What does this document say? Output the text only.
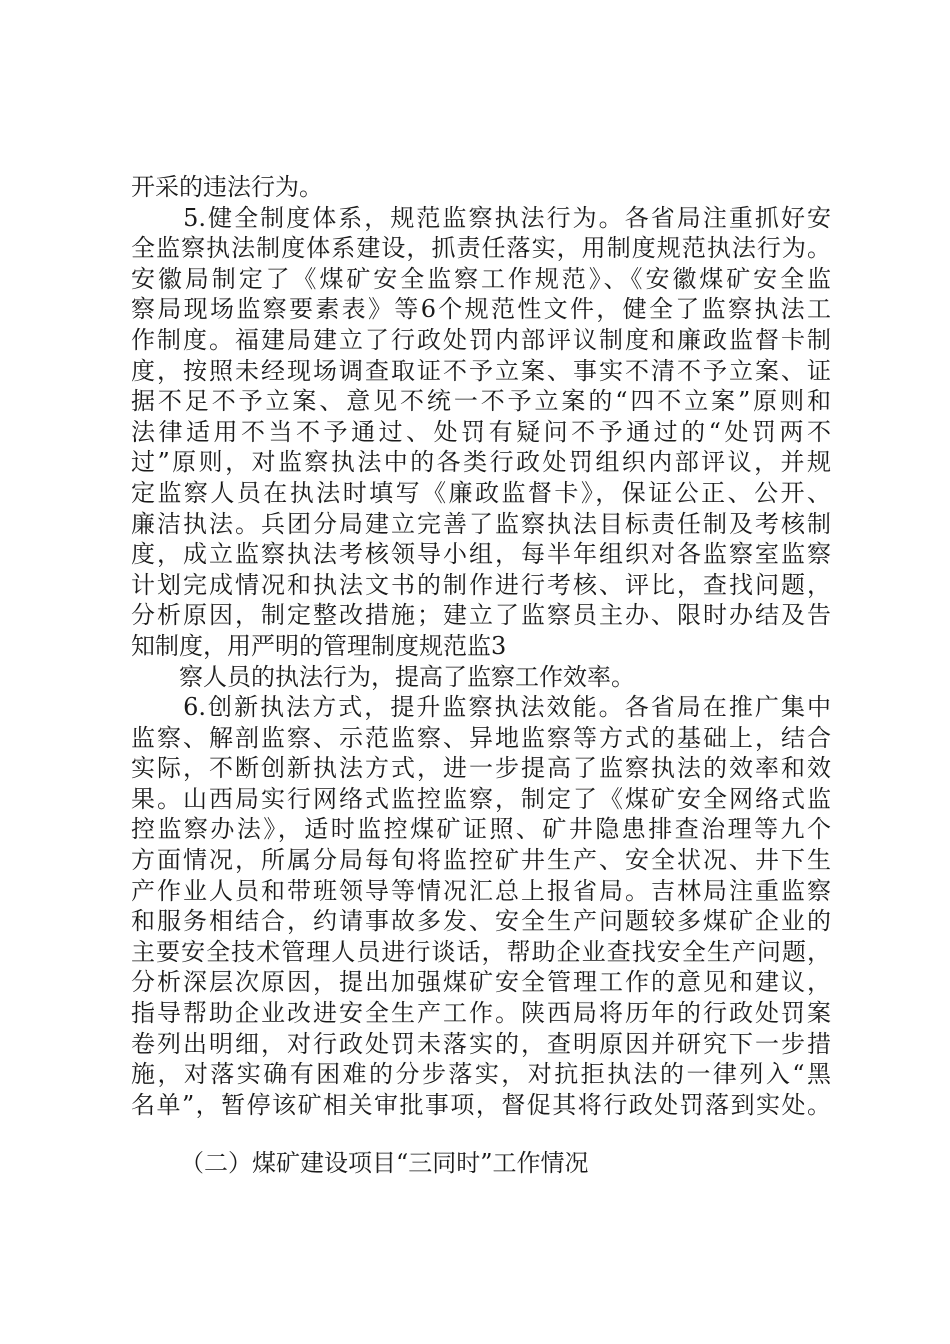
开采的违法行为。
　　5.健全制度体系，规范监察执法行为。各省局注重抓好安
全监察执法制度体系建设，抓责任落实，用制度规范执法行为。
安徽局制定了《煤矿安全监察工作规范》、《安徽煤矿安全监
察局现场监察要素表》等6个规范性文件，健全了监察执法工
作制度。福建局建立了行政处罚内部评议制度和廉政监督卡制
度，按照未经现场调查取证不予立案、事实不清不予立案、证
据不足不予立案、意见不统一不予立案的“四不立案”原则和
法律适用不当不予通过、处罚有疑问不予通过的“处罚两不
过”原则，对监察执法中的各类行政处罚组织内部评议，并规
定监察人员在执法时填写《廉政监督卡》，保证公正、公开、
廉洁执法。兵团分局建立完善了监察执法目标责任制及考核制
度，成立监察执法考核领导小组，每半年组织对各监察室监察
计划完成情况和执法文书的制作进行考核、评比，查找问题，
分析原因，制定整改措施；建立了监察员主办、限时办结及告
知制度，用严明的管理制度规范监3
　　察人员的执法行为，提高了监察工作效率。
　　6.创新执法方式，提升监察执法效能。各省局在推广集中
监察、解剖监察、示范监察、异地监察等方式的基础上，结合
实际，不断创新执法方式，进一步提高了监察执法的效率和效
果。山西局实行网络式监控监察，制定了《煤矿安全网络式监
控监察办法》，适时监控煤矿证照、矿井隐患排查治理等九个
方面情况，所属分局每旬将监控矿井生产、安全状况、井下生
产作业人员和带班领导等情况汇总上报省局。吉林局注重监察
和服务相结合，约请事故多发、安全生产问题较多煤矿企业的
主要安全技术管理人员进行谈话，帮助企业查找安全生产问题，
分析深层次原因，提出加强煤矿安全管理工作的意见和建议，
指导帮助企业改进安全生产工作。陕西局将历年的行政处罚案
卷列出明细，对行政处罚未落实的，查明原因并研究下一步措
施，对落实确有困难的分步落实，对抗拒执法的一律列入“黑
名单”，暂停该矿相关审批事项，督促其将行政处罚落到实处。
（二）煤矿建设项目“三同时”工作情况
